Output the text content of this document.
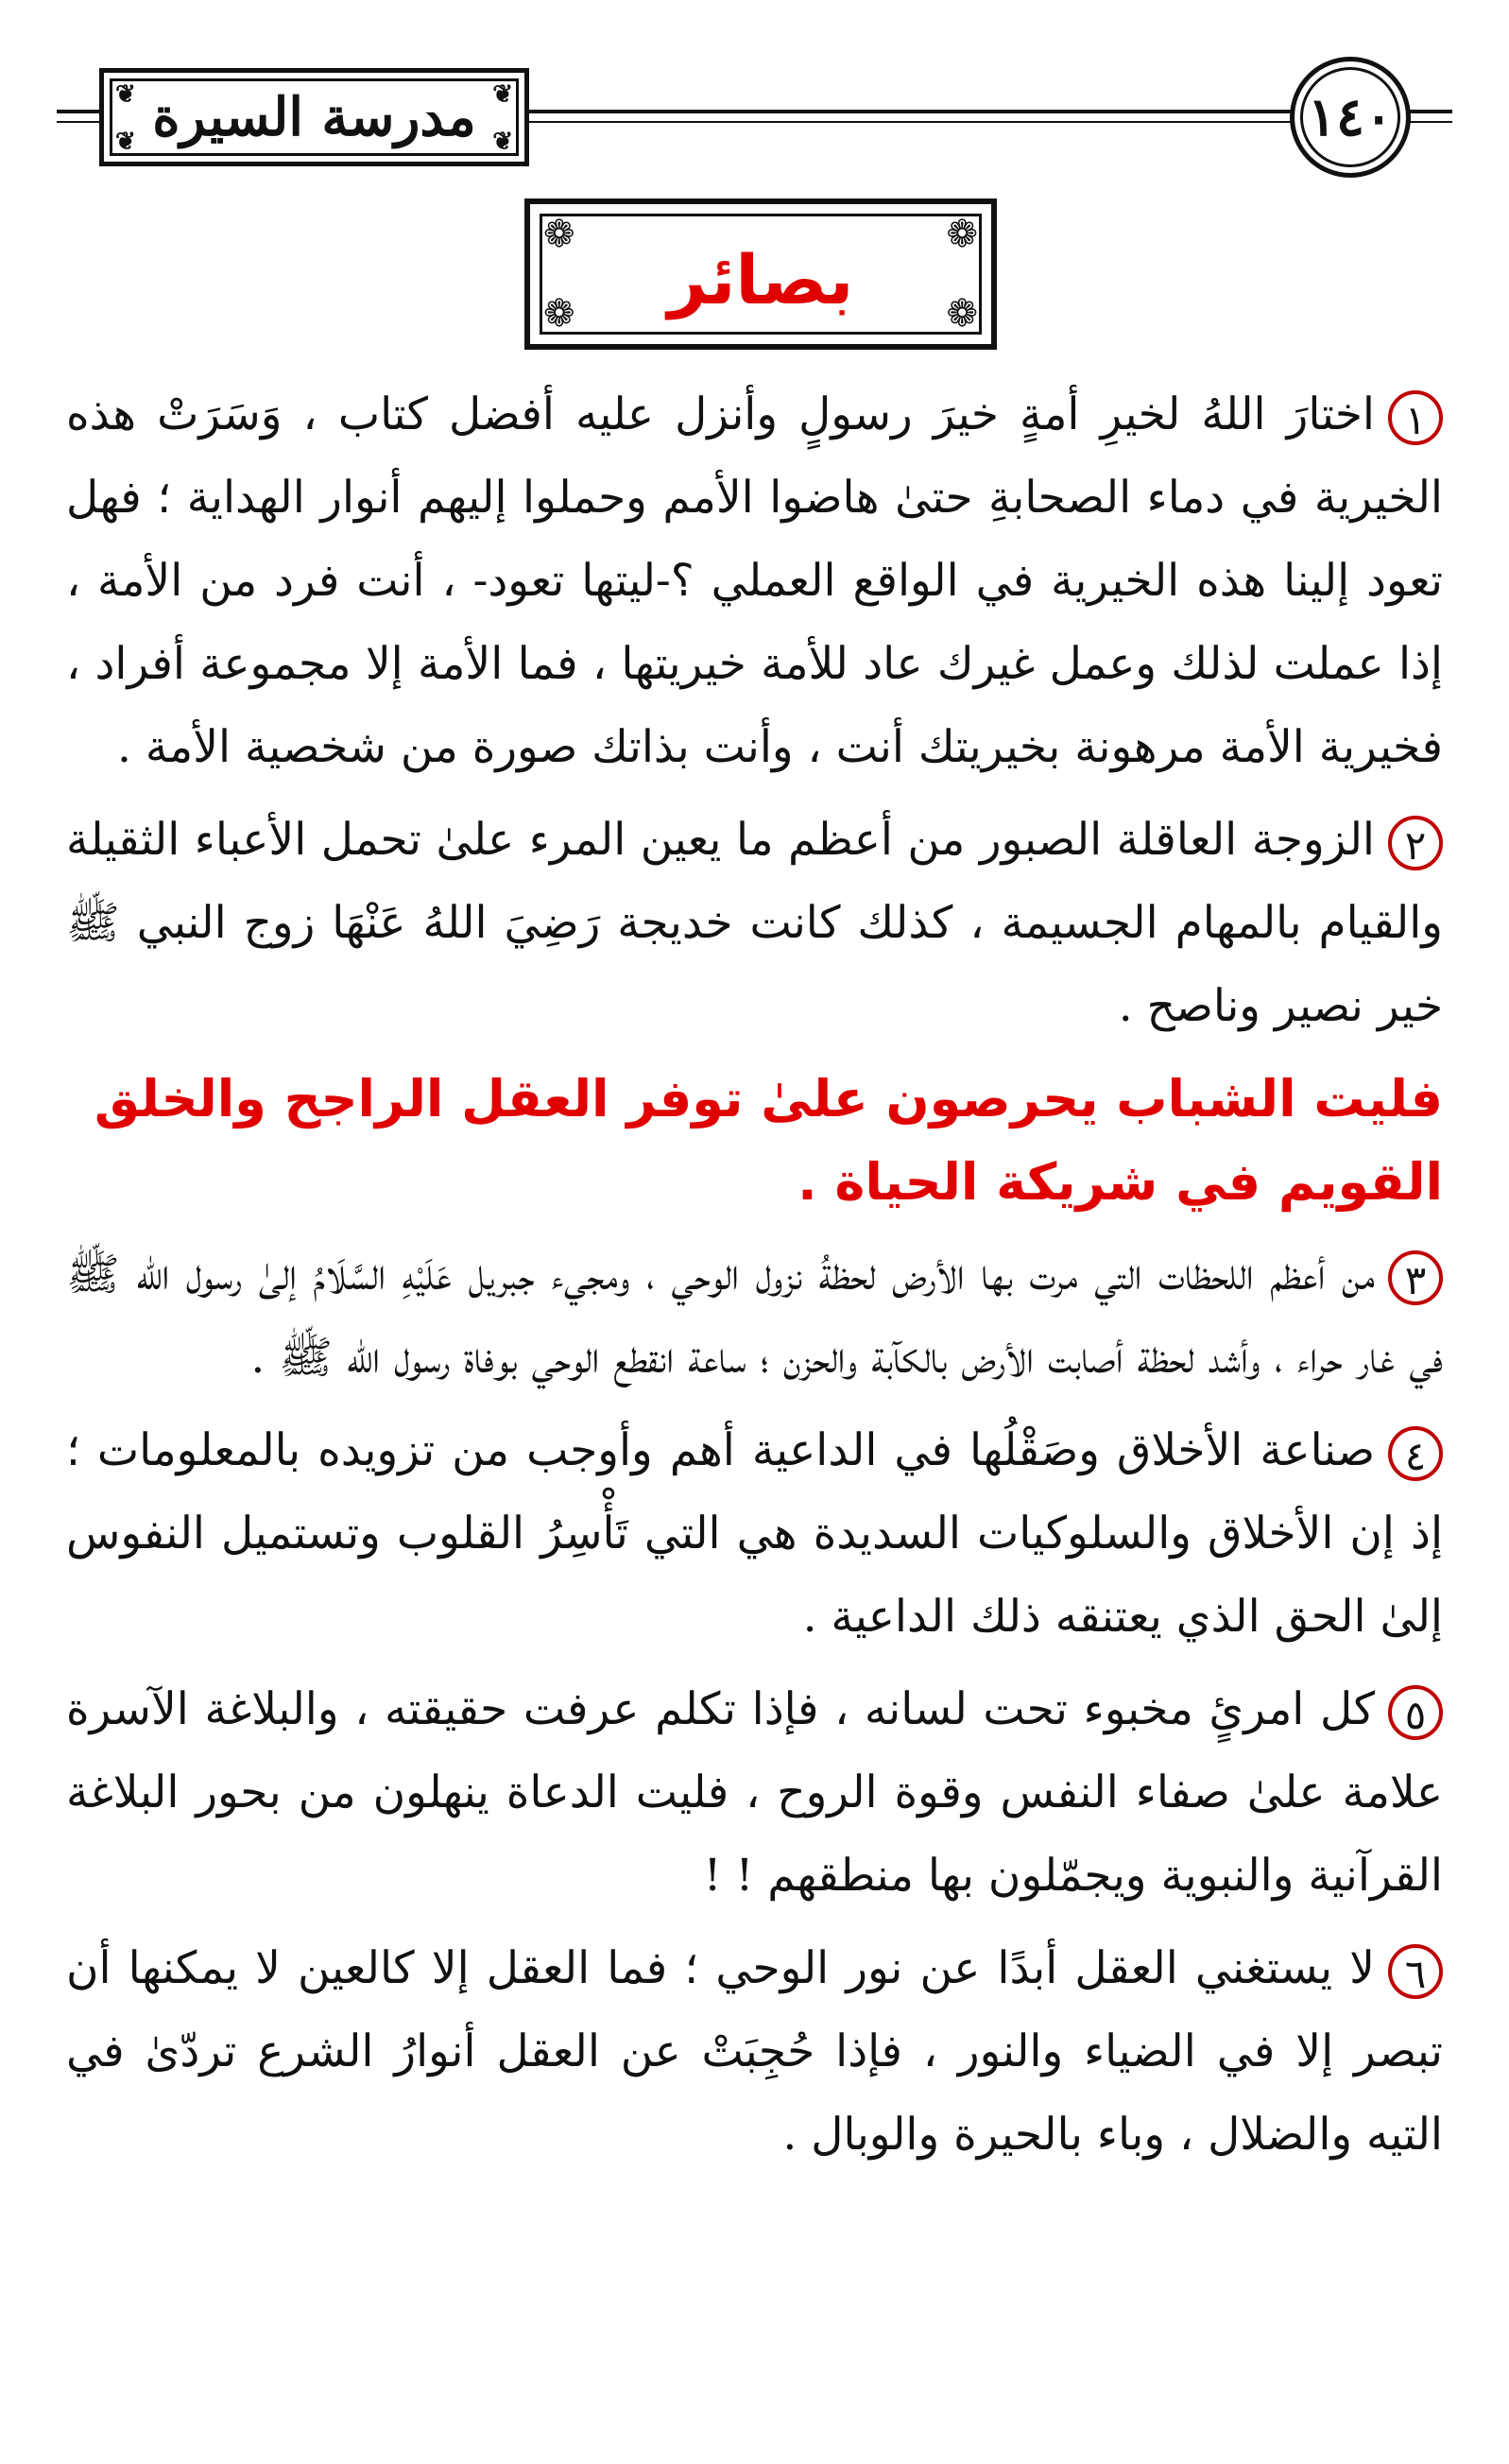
❦	❦
❦	❦
مدرسة السيرة	١٤٠
❁	❁
❁	❁
بصائر

١اختارَ اللهُ لخيرِ أمةٍ خيرَ رسولٍ وأنزل عليه أفضل كتاب ، وَسَرَتْ هذه الخيرية في دماء الصحابةِ حتىٰ هاضوا الأمم وحملوا إليهم أنوار الهداية ؛ فهل تعود إلينا هذه الخيرية في الواقع العملي ؟-ليتها تعود- ، أنت فرد من الأمة ، إذا عملت لذلك وعمل غيرك عاد للأمة خيريتها ، فما الأمة إلا مجموعة أفراد ، فخيرية الأمة مرهونة بخيريتك أنت ، وأنت بذاتك صورة من شخصية الأمة .

٢الزوجة العاقلة الصبور من أعظم ما يعين المرء علىٰ تحمل الأعباء الثقيلة والقيام بالمهام الجسيمة ، كذلك كانت خديجة رَضِيَ اللهُ عَنْهَا زوج النبي ﷺ خير نصير وناصح .

فليت الشباب يحرصون علىٰ توفر العقل الراجح والخلق القويم في شريكة الحياة .

٣من أعظم اللحظات التي مرت بها الأرض لحظةُ نزول الوحي ، ومجيء جبريل عَلَيْهِ السَّلَامُ إلىٰ رسول الله ﷺ في غار حراء ، وأشد لحظة أصابت الأرض بالكآبة والحزن ؛ ساعة انقطع الوحي بوفاة رسول الله ﷺ .

٤صناعة الأخلاق وصَقْلُها في الداعية أهم وأوجب من تزويده بالمعلومات ؛ إذ إن الأخلاق والسلوكيات السديدة هي التي تَأْسِرُ القلوب وتستميل النفوس إلىٰ الحق الذي يعتنقه ذلك الداعية .

٥كل امرئٍ مخبوء تحت لسانه ، فإذا تكلم عرفت حقيقته ، والبلاغة الآسرة علامة علىٰ صفاء النفس وقوة الروح ، فليت الدعاة ينهلون من بحور البلاغة القرآنية والنبوية ويجمّلون بها منطقهم ! !

٦لا يستغني العقل أبدًا عن نور الوحي ؛ فما العقل إلا كالعين لا يمكنها أن تبصر إلا في الضياء والنور ، فإذا حُجِبَتْ عن العقل أنوارُ الشرع تردّىٰ في التيه والضلال ، وباء بالحيرة والوبال .
